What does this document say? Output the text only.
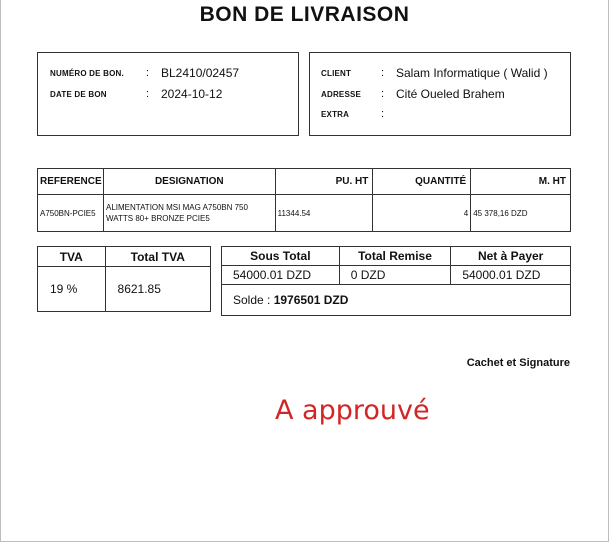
BON DE LIVRAISON
NUMÉRO DE BON. : BL2410/02457
DATE DE BON	: 2024-10-12
CLIENT	: Salam Informatique ( Walid )
ADRESSE : Cité Oueled Brahem
EXTRA	:
REFERENCE	DESIGNATION	PU. HT	QUANTITÉ	M. HT
A750BN-PCIE5	ALIMENTATION MSI MAG A750BN 750 WATTS 80+ BRONZE PCIE5	11344.54	4	45 378,16 DZD
TVA	Total TVA
19 %	8621.85
Sous Total	Total Remise	Net à Payer
54000.01 DZD	0 DZD	54000.01 DZD
Solde : 1976501 DZD		
Cachet et Signature
A approuvé
